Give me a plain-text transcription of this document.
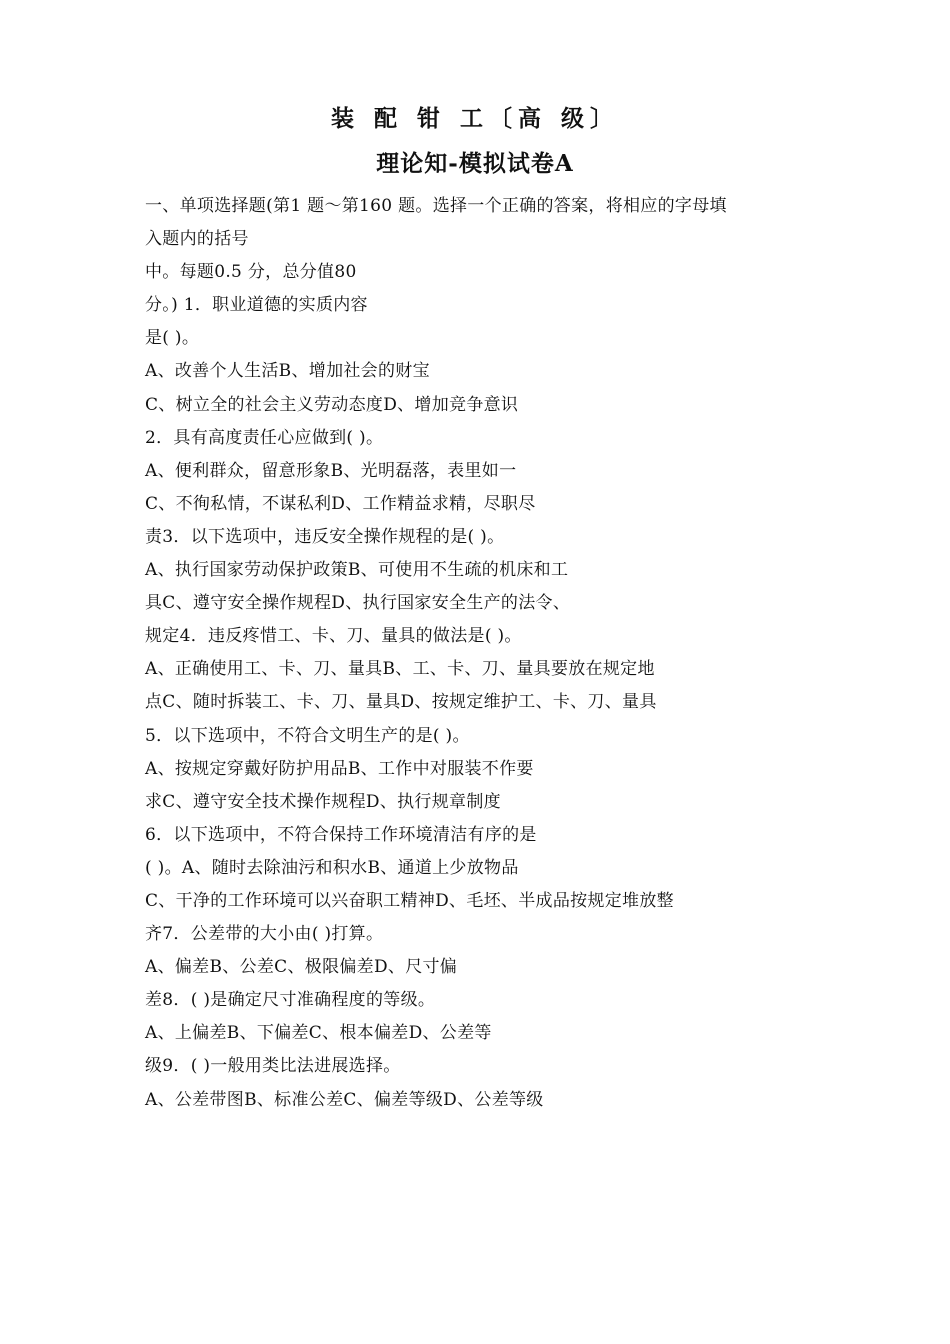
装 配 钳 工〔高 级〕
理论知-模拟试卷A
一、单项选择题(第1 题～第160 题。选择一个正确的答案，将相应的字母填
入题内的括号
中。每题0.5 分，总分值80
分。) 1．职业道德的实质内容
是( )。
A、改善个人生活B、增加社会的财宝
C、树立全的社会主义劳动态度D、增加竞争意识
2．具有高度责任心应做到( )。
A、便利群众，留意形象B、光明磊落，表里如一
C、不徇私情，不谋私利D、工作精益求精，尽职尽
责3．以下选项中，违反安全操作规程的是( )。
A、执行国家劳动保护政策B、可使用不生疏的机床和工
具C、遵守安全操作规程D、执行国家安全生产的法令、
规定4．违反疼惜工、卡、刀、量具的做法是( )。
A、正确使用工、卡、刀、量具B、工、卡、刀、量具要放在规定地
点C、随时拆装工、卡、刀、量具D、按规定维护工、卡、刀、量具
5．以下选项中，不符合文明生产的是( )。
A、按规定穿戴好防护用品B、工作中对服装不作要
求C、遵守安全技术操作规程D、执行规章制度
6．以下选项中，不符合保持工作环境清洁有序的是
( )。A、随时去除油污和积水B、通道上少放物品
C、干净的工作环境可以兴奋职工精神D、毛坯、半成品按规定堆放整
齐7．公差带的大小由( )打算。
A、偏差B、公差C、极限偏差D、尺寸偏
差8．( )是确定尺寸准确程度的等级。
A、上偏差B、下偏差C、根本偏差D、公差等
级9．( )一般用类比法进展选择。
A、公差带图B、标准公差C、偏差等级D、公差等级
